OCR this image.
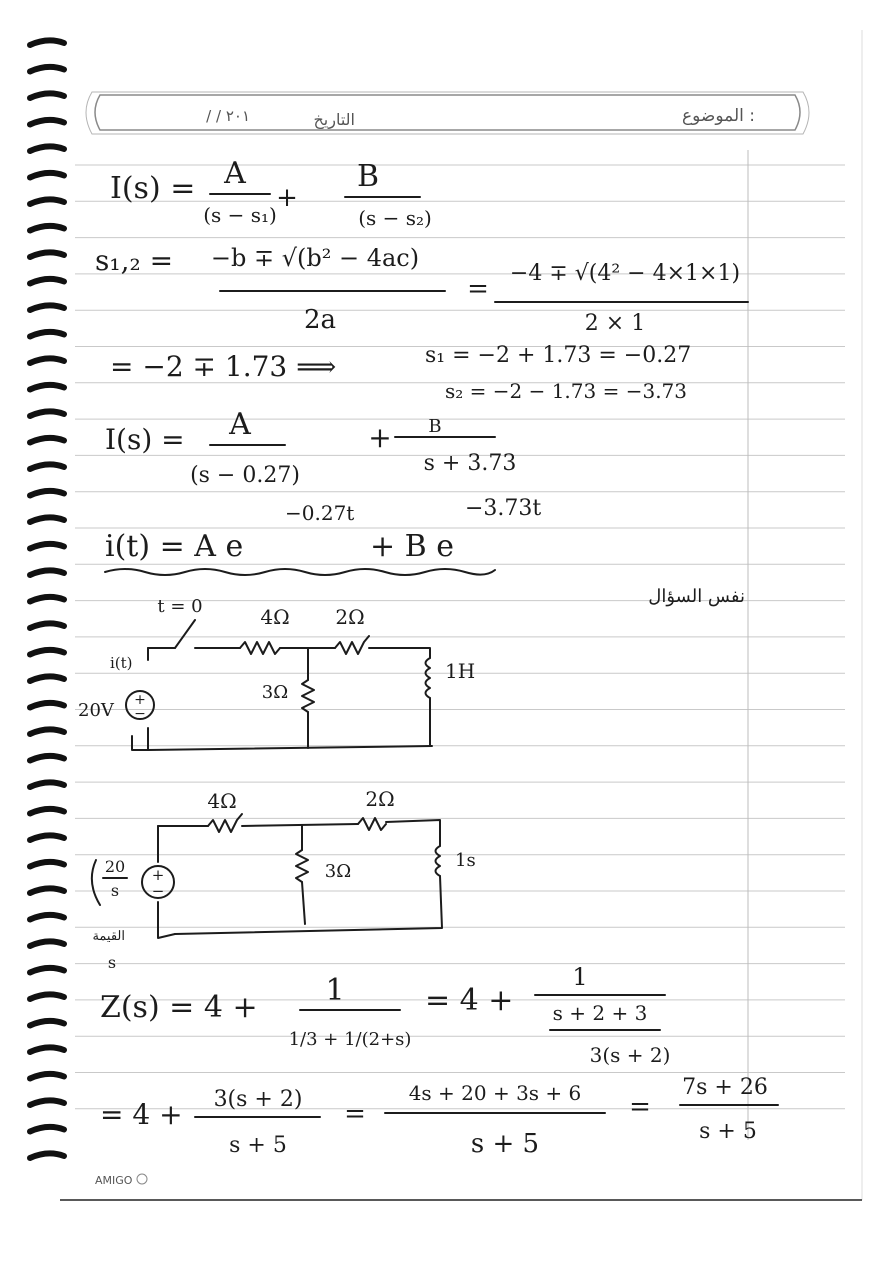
الموضوع :
التاريخ
/ / ٢٠١
I(s) = A
(s − s₁)
+
B
(s − s₂)
s₁,₂ = −b ∓ √(b² − 4ac)
2a
=
−4 ∓ √(4² − 4×1×1)
2 × 1
= −2 ∓ 1.73 ⟹	s₁ = −2 + 1.73 = −0.27
s₂ = −2 − 1.73 = −3.73
I(s) = A
(s − 0.27)
+ B
s + 3.73
i(t) = A e
−0.27t
+ B e
−3.73t
نفس السؤال
t = 0
i(t)
20V
4Ω 2Ω
3Ω
1H
+
−
4Ω	2Ω
3Ω
1s
20
s
القيمة
s
+
−
Z(s) = 4 + 1
1/3 + 1/(2+s)
= 4 +
1
s + 2 + 3
3(s + 2)
= 4 + 3(s + 2)
s + 5
=
4s + 20 + 3s + 6
s + 5
=
7s + 26
s + 5
AMIGO
